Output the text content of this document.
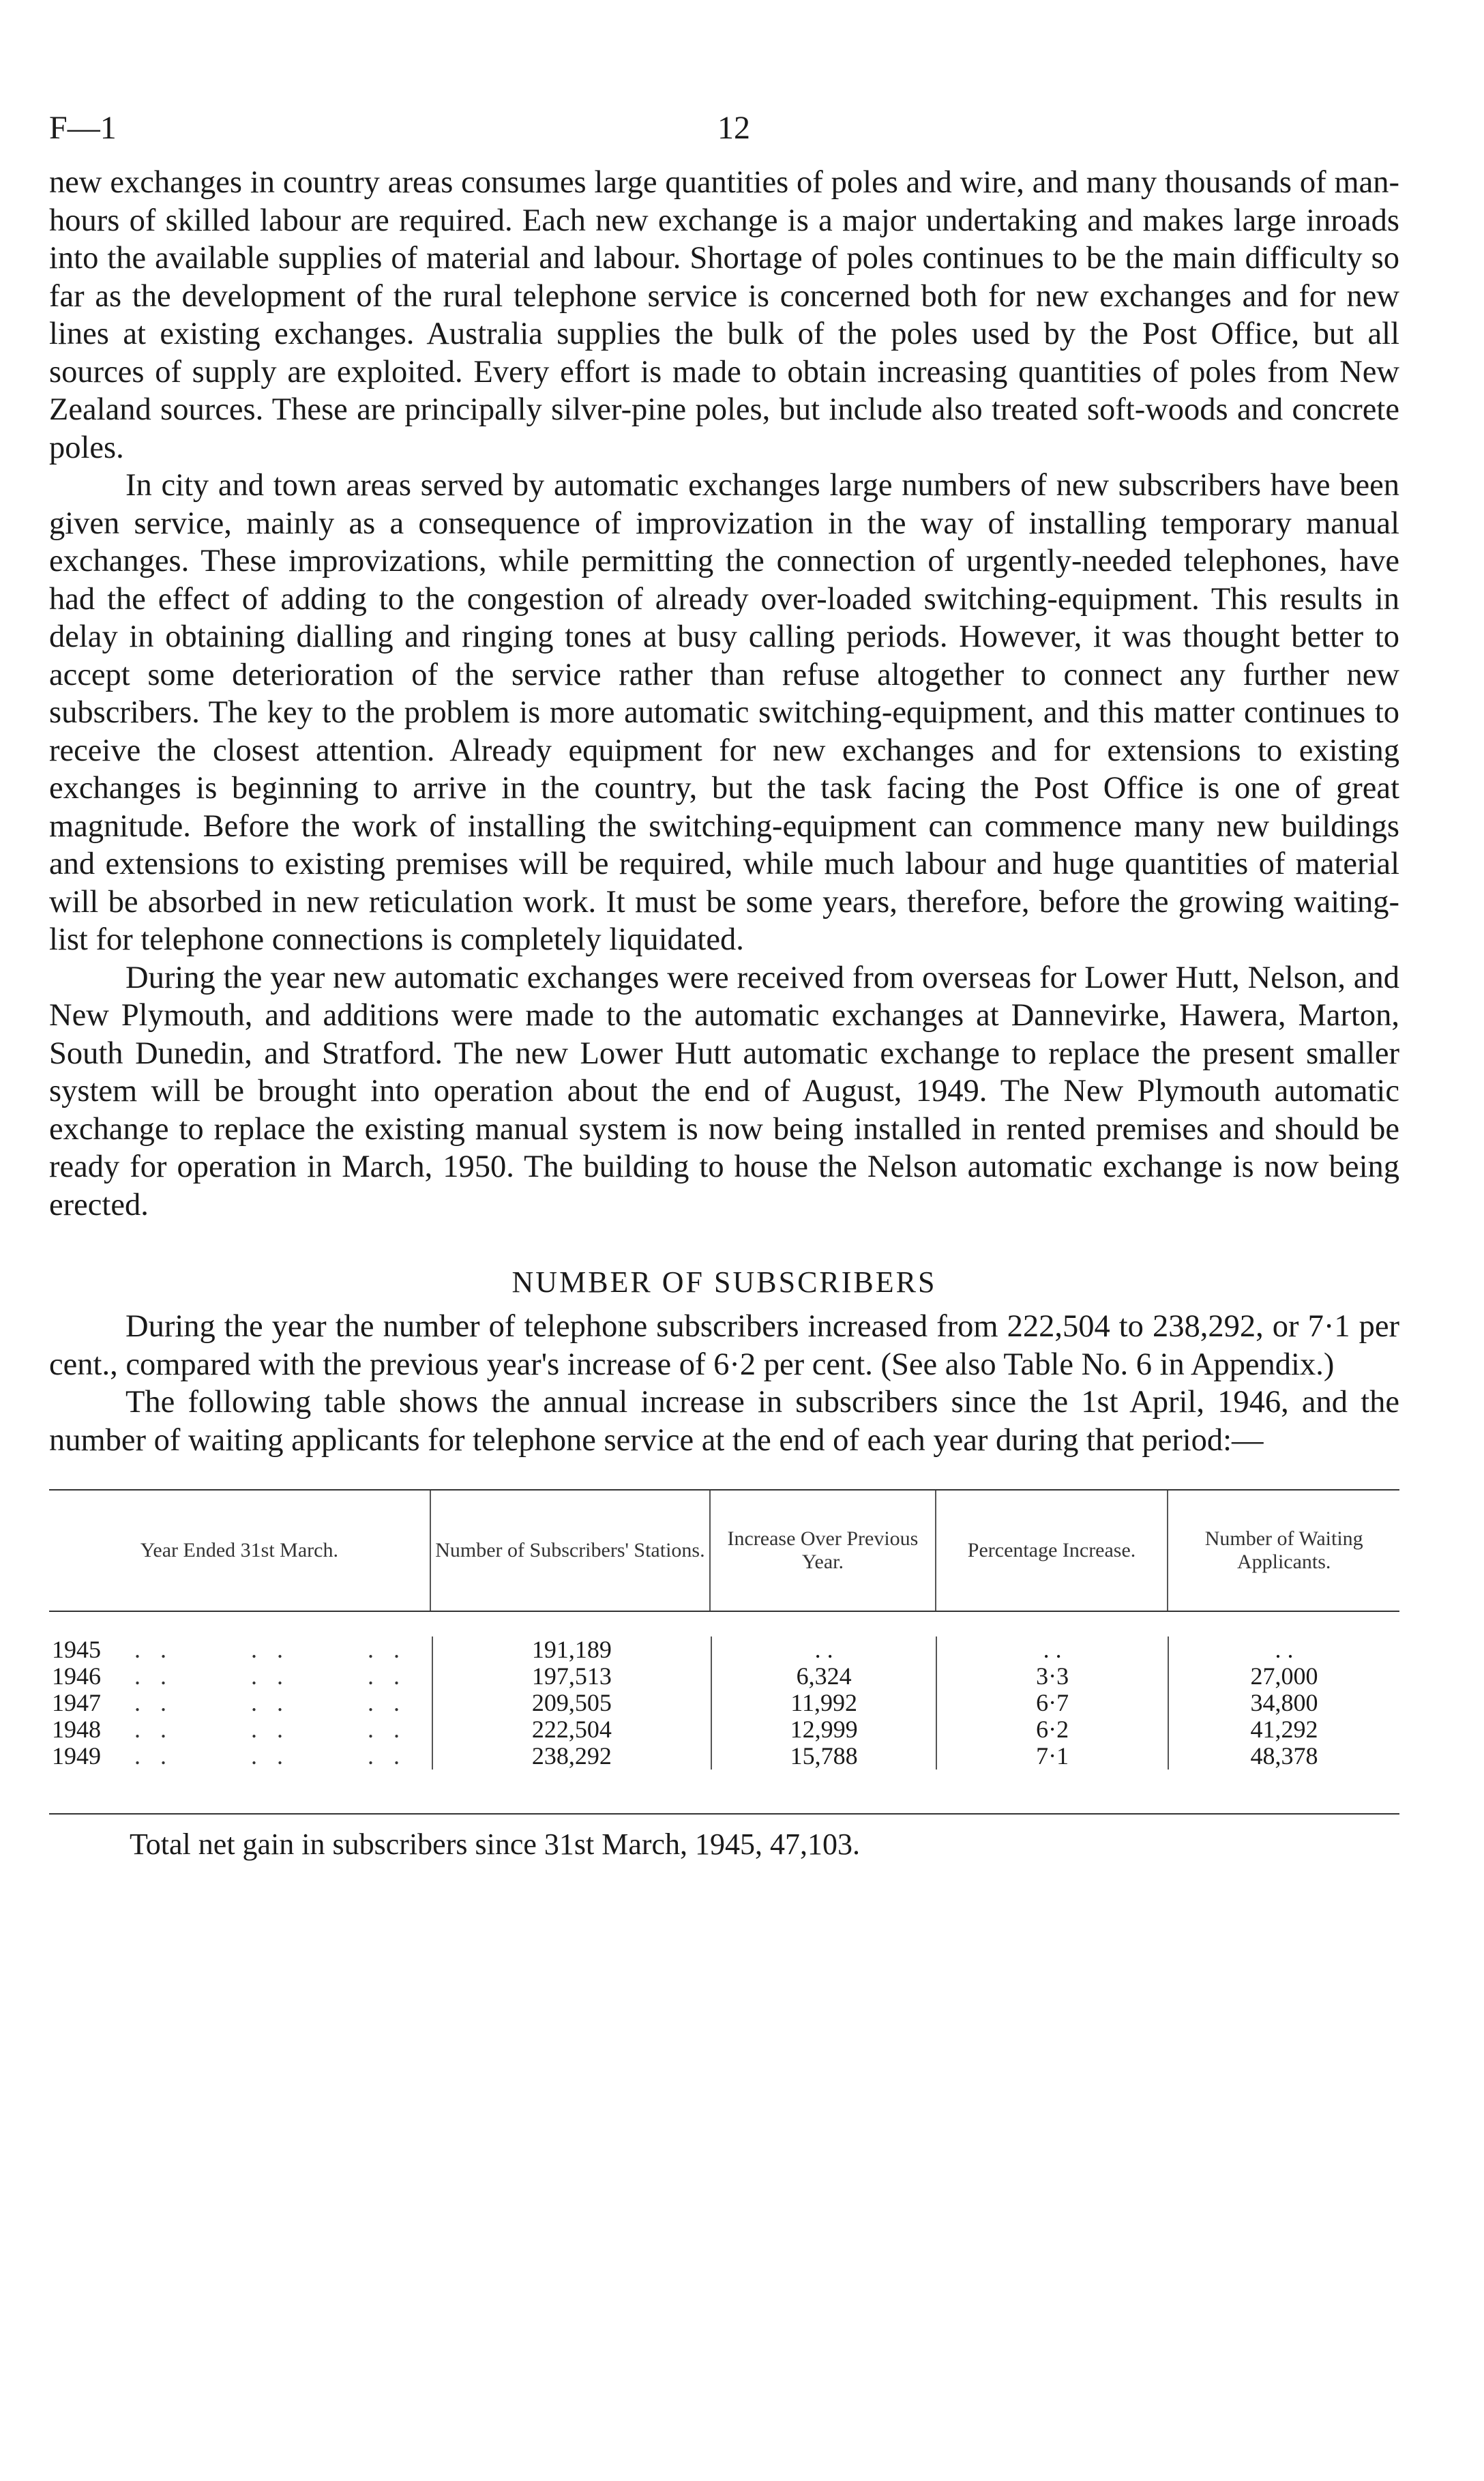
F—1	12

new exchanges in country areas consumes large quantities of poles and wire, and many thousands of man-hours of skilled labour are required. Each new exchange is a major undertaking and makes large inroads into the available supplies of material and labour. Shortage of poles continues to be the main difficulty so far as the development of the rural telephone service is concerned both for new exchanges and for new lines at existing exchanges. Australia supplies the bulk of the poles used by the Post Office, but all sources of supply are exploited. Every effort is made to obtain increasing quantities of poles from New Zealand sources. These are principally silver-pine poles, but include also treated soft-woods and concrete poles.

In city and town areas served by automatic exchanges large numbers of new subscribers have been given service, mainly as a consequence of improvization in the way of installing temporary manual exchanges. These improvizations, while permitting the connection of urgently-needed telephones, have had the effect of adding to the congestion of already over-loaded switching-equipment. This results in delay in obtaining dialling and ringing tones at busy calling periods. However, it was thought better to accept some deterioration of the service rather than refuse altogether to connect any further new subscribers. The key to the problem is more automatic switching-equipment, and this matter continues to receive the closest attention. Already equipment for new exchanges and for extensions to existing exchanges is beginning to arrive in the country, but the task facing the Post Office is one of great magnitude. Before the work of installing the switching-equipment can commence many new buildings and extensions to existing premises will be required, while much labour and huge quantities of material will be absorbed in new reticulation work. It must be some years, therefore, before the growing waiting-list for telephone connections is completely liquidated.

During the year new automatic exchanges were received from overseas for Lower Hutt, Nelson, and New Plymouth, and additions were made to the automatic exchanges at Dannevirke, Hawera, Marton, South Dunedin, and Stratford. The new Lower Hutt automatic exchange to replace the present smaller system will be brought into operation about the end of August, 1949. The New Plymouth automatic exchange to replace the existing manual system is now being installed in rented premises and should be ready for operation in March, 1950. The building to house the Nelson automatic exchange is now being erected.

NUMBER OF SUBSCRIBERS

During the year the number of telephone subscribers increased from 222,504 to 238,292, or 7·1 per cent., compared with the previous year's increase of 6·2 per cent. (See also Table No. 6 in Appendix.)

The following table shows the annual increase in subscribers since the 1st April, 1946, and the number of waiting applicants for telephone service at the end of each year during that period:—

Year Ended 31st March.	Number of Subscribers' Stations.
Increase Over Previous Year.
Percentage Increase.
Number of Waiting Applicants.
1945 . .      . .      . .
1946 . .      . .      . .
1947 . .      . .      . .
1948 . .      . .      . .
1949 . .      . .      . .
191,189
197,513
209,505
222,504
238,292
. .
6,324
11,992
12,999
15,788
. .
3·3
6·7
6·2
7·1
. .
27,000
34,800
41,292
48,378
Total net gain in subscribers since 31st March, 1945, 47,103.
